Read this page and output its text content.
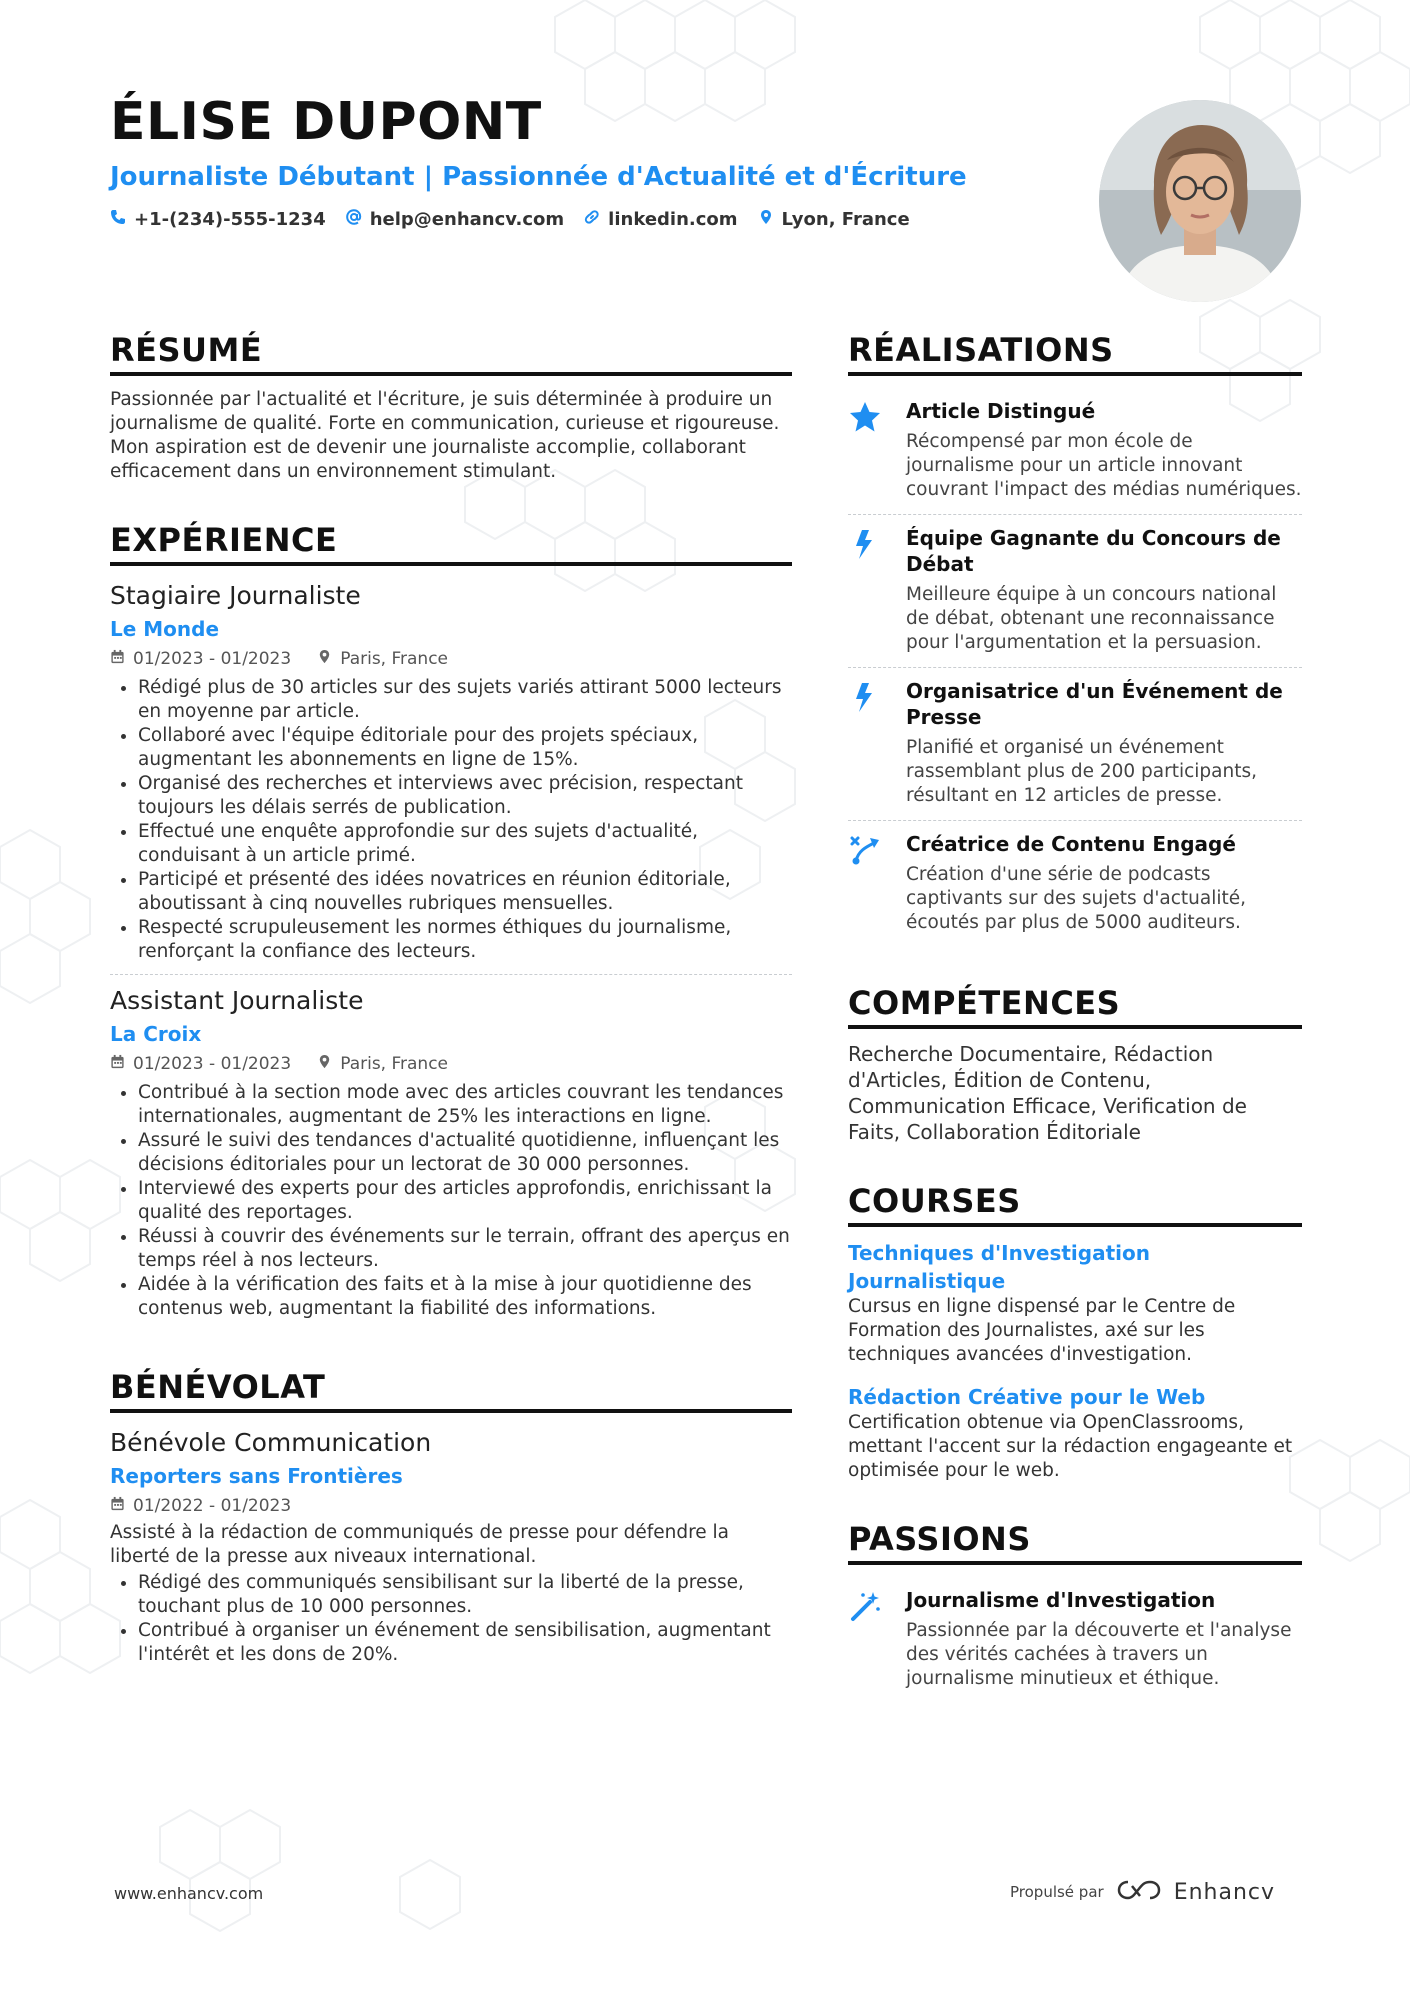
ÉLISE DUPONT
Journaliste Débutant | Passionnée d'Actualité et d'Écriture
+1-(234)-555-1234 help@enhancv.com linkedin.com Lyon, France
RÉSUMÉ
Passionnée par l'actualité et l'écriture, je suis déterminée à produire un journalisme de qualité. Forte en communication, curieuse et rigoureuse. Mon aspiration est de devenir une journaliste accomplie, collaborant efficacement dans un environnement stimulant.
EXPÉRIENCE
Stagiaire Journaliste
Le Monde
01/2023 - 01/2023	Paris, France
• Rédigé plus de 30 articles sur des sujets variés attirant 5000 lecteurs en moyenne par article.
• Collaboré avec l'équipe éditoriale pour des projets spéciaux, augmentant les abonnements en ligne de 15%.
• Organisé des recherches et interviews avec précision, respectant toujours les délais serrés de publication.
• Effectué une enquête approfondie sur des sujets d'actualité, conduisant à un article primé.
• Participé et présenté des idées novatrices en réunion éditoriale, aboutissant à cinq nouvelles rubriques mensuelles.
• Respecté scrupuleusement les normes éthiques du journalisme, renforçant la confiance des lecteurs.
Assistant Journaliste
La Croix
01/2023 - 01/2023	Paris, France
• Contribué à la section mode avec des articles couvrant les tendances internationales, augmentant de 25% les interactions en ligne.
• Assuré le suivi des tendances d'actualité quotidienne, influençant les décisions éditoriales pour un lectorat de 30 000 personnes.
• Interviewé des experts pour des articles approfondis, enrichissant la qualité des reportages.
• Réussi à couvrir des événements sur le terrain, offrant des aperçus en temps réel à nos lecteurs.
• Aidée à la vérification des faits et à la mise à jour quotidienne des contenus web, augmentant la fiabilité des informations.
BÉNÉVOLAT
Bénévole Communication
Reporters sans Frontières
01/2022 - 01/2023
Assisté à la rédaction de communiqués de presse pour défendre la liberté de la presse aux niveaux international.
• Rédigé des communiqués sensibilisant sur la liberté de la presse, touchant plus de 10 000 personnes.
• Contribué à organiser un événement de sensibilisation, augmentant l'intérêt et les dons de 20%.
RÉALISATIONS
Article Distingué
Récompensé par mon école de journalisme pour un article innovant couvrant l'impact des médias numériques.
Équipe Gagnante du Concours de Débat
Meilleure équipe à un concours national de débat, obtenant une reconnaissance pour l'argumentation et la persuasion.
Organisatrice d'un Événement de Presse
Planifié et organisé un événement rassemblant plus de 200 participants, résultant en 12 articles de presse.
Créatrice de Contenu Engagé
Création d'une série de podcasts captivants sur des sujets d'actualité, écoutés par plus de 5000 auditeurs.
COMPÉTENCES
Recherche Documentaire, Rédaction d'Articles, Édition de Contenu, Communication Efficace, Verification de Faits, Collaboration Éditoriale
COURSES
Techniques d'Investigation Journalistique
Cursus en ligne dispensé par le Centre de Formation des Journalistes, axé sur les techniques avancées d'investigation.
Rédaction Créative pour le Web
Certification obtenue via OpenClassrooms, mettant l'accent sur la rédaction engageante et optimisée pour le web.
PASSIONS
Journalisme d'Investigation
Passionnée par la découverte et l'analyse des vérités cachées à travers un journalisme minutieux et éthique.
www.enhancv.com	Propulsé par	Enhancv
